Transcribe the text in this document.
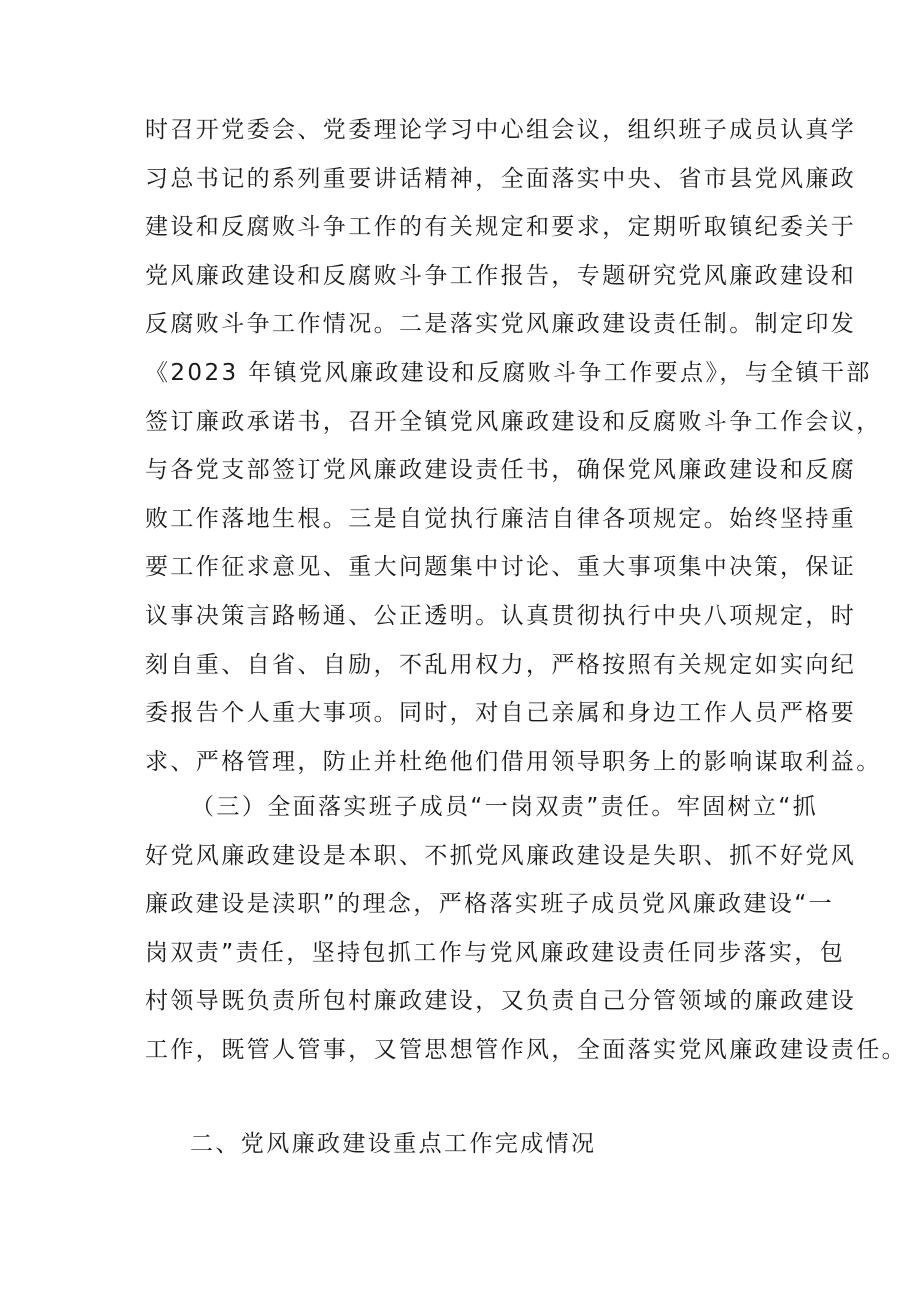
时召开党委会、党委理论学习中心组会议，组织班子成员认真学
习总书记的系列重要讲话精神，全面落实中央、省市县党风廉政
建设和反腐败斗争工作的有关规定和要求，定期听取镇纪委关于
党风廉政建设和反腐败斗争工作报告，专题研究党风廉政建设和
反腐败斗争工作情况。二是落实党风廉政建设责任制。制定印发
《2023 年镇党风廉政建设和反腐败斗争工作要点》，与全镇干部
签订廉政承诺书，召开全镇党风廉政建设和反腐败斗争工作会议，
与各党支部签订党风廉政建设责任书，确保党风廉政建设和反腐
败工作落地生根。三是自觉执行廉洁自律各项规定。始终坚持重
要工作征求意见、重大问题集中讨论、重大事项集中决策，保证
议事决策言路畅通、公正透明。认真贯彻执行中央八项规定，时
刻自重、自省、自励，不乱用权力，严格按照有关规定如实向纪
委报告个人重大事项。同时，对自己亲属和身边工作人员严格要
求、严格管理，防止并杜绝他们借用领导职务上的影响谋取利益。
（三）全面落实班子成员“一岗双责”责任。牢固树立“抓
好党风廉政建设是本职、不抓党风廉政建设是失职、抓不好党风
廉政建设是渎职”的理念，严格落实班子成员党风廉政建设“一
岗双责”责任，坚持包抓工作与党风廉政建设责任同步落实，包
村领导既负责所包村廉政建设，又负责自己分管领域的廉政建设
工作，既管人管事，又管思想管作风，全面落实党风廉政建设责任。
二、党风廉政建设重点工作完成情况
